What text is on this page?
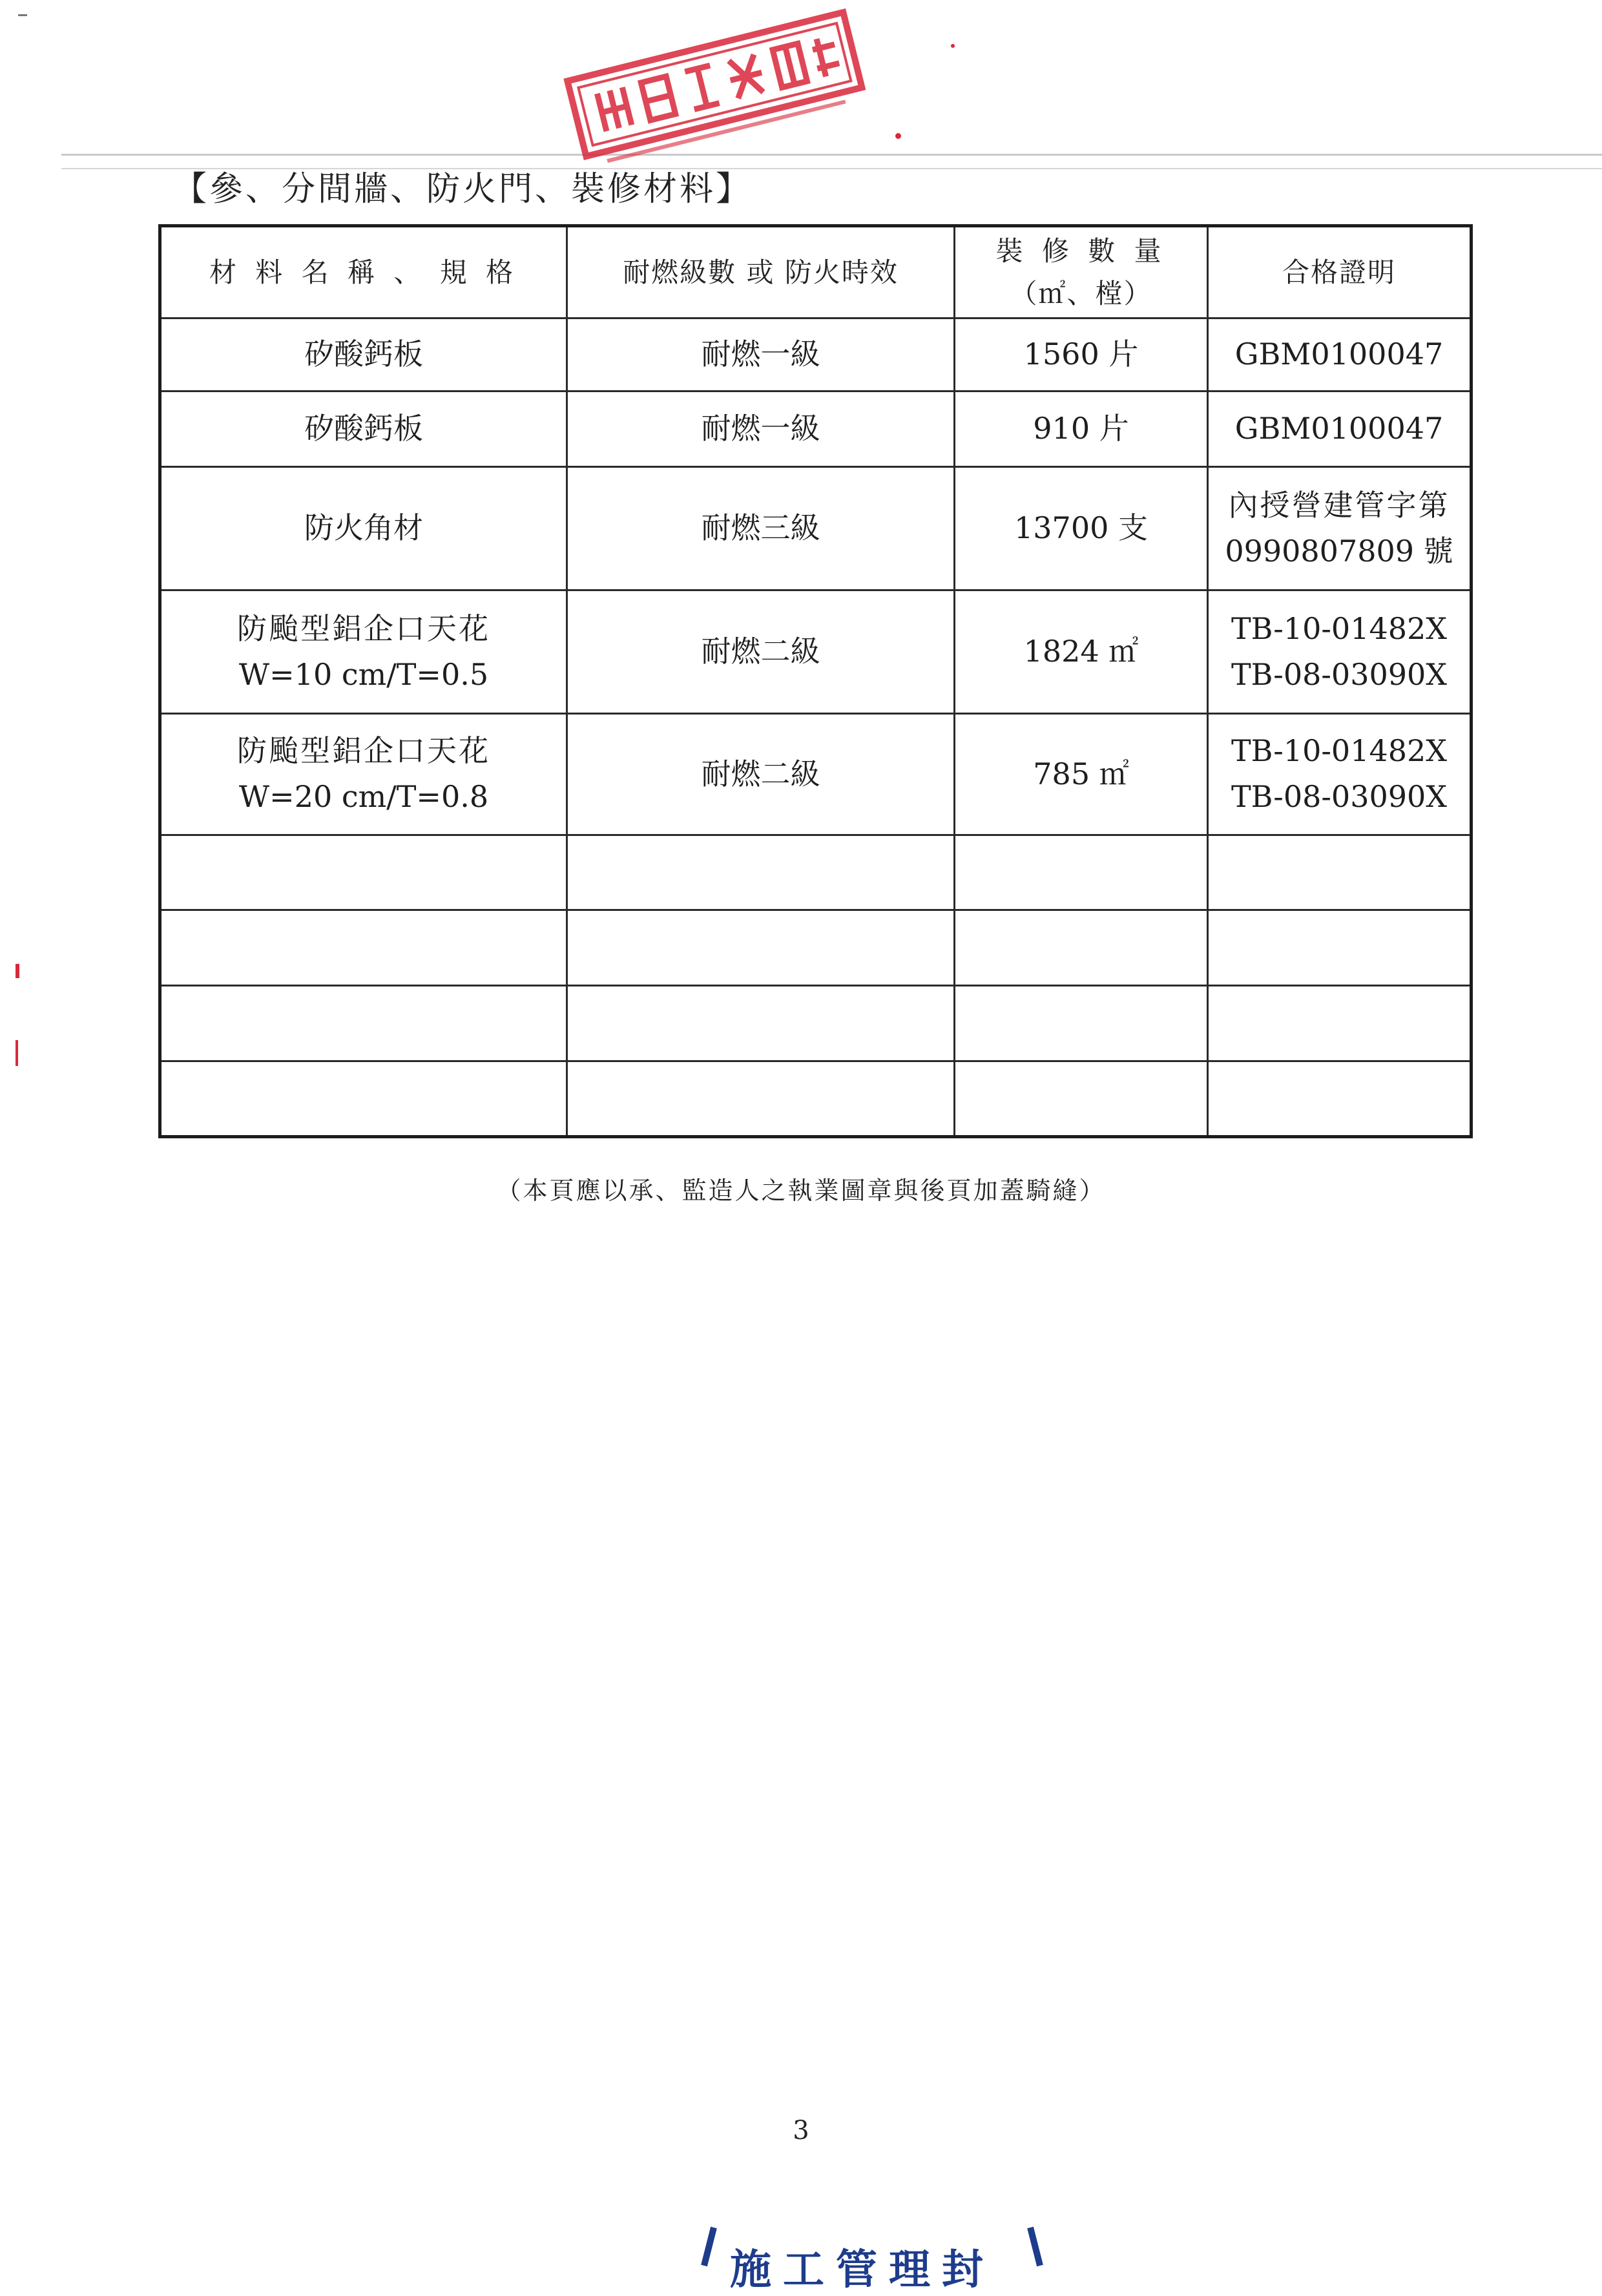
【參、分間牆、防火門、裝修材料】
材 料 名 稱 、 規 格	耐燃級數 或 防火時效	裝 修 數 量 （㎡、樘）	合格證明

矽酸鈣板	耐燃一級	1560 片	GBM0100047

矽酸鈣板	耐燃一級	910 片	GBM0100047

防火角材	耐燃三級	13700 支	內授營建管字第
0990807809 號

防颱型鋁企口天花
W=10 cm/T=0.5	耐燃二級	1824 ㎡	TB-10-01482X
TB-08-03090X

防颱型鋁企口天花
W=20 cm/T=0.8	耐燃二級	785 ㎡	TB-10-01482X
TB-08-03090X

（本頁應以承、監造人之執業圖章與後頁加蓋騎縫）
3
施工管理封
